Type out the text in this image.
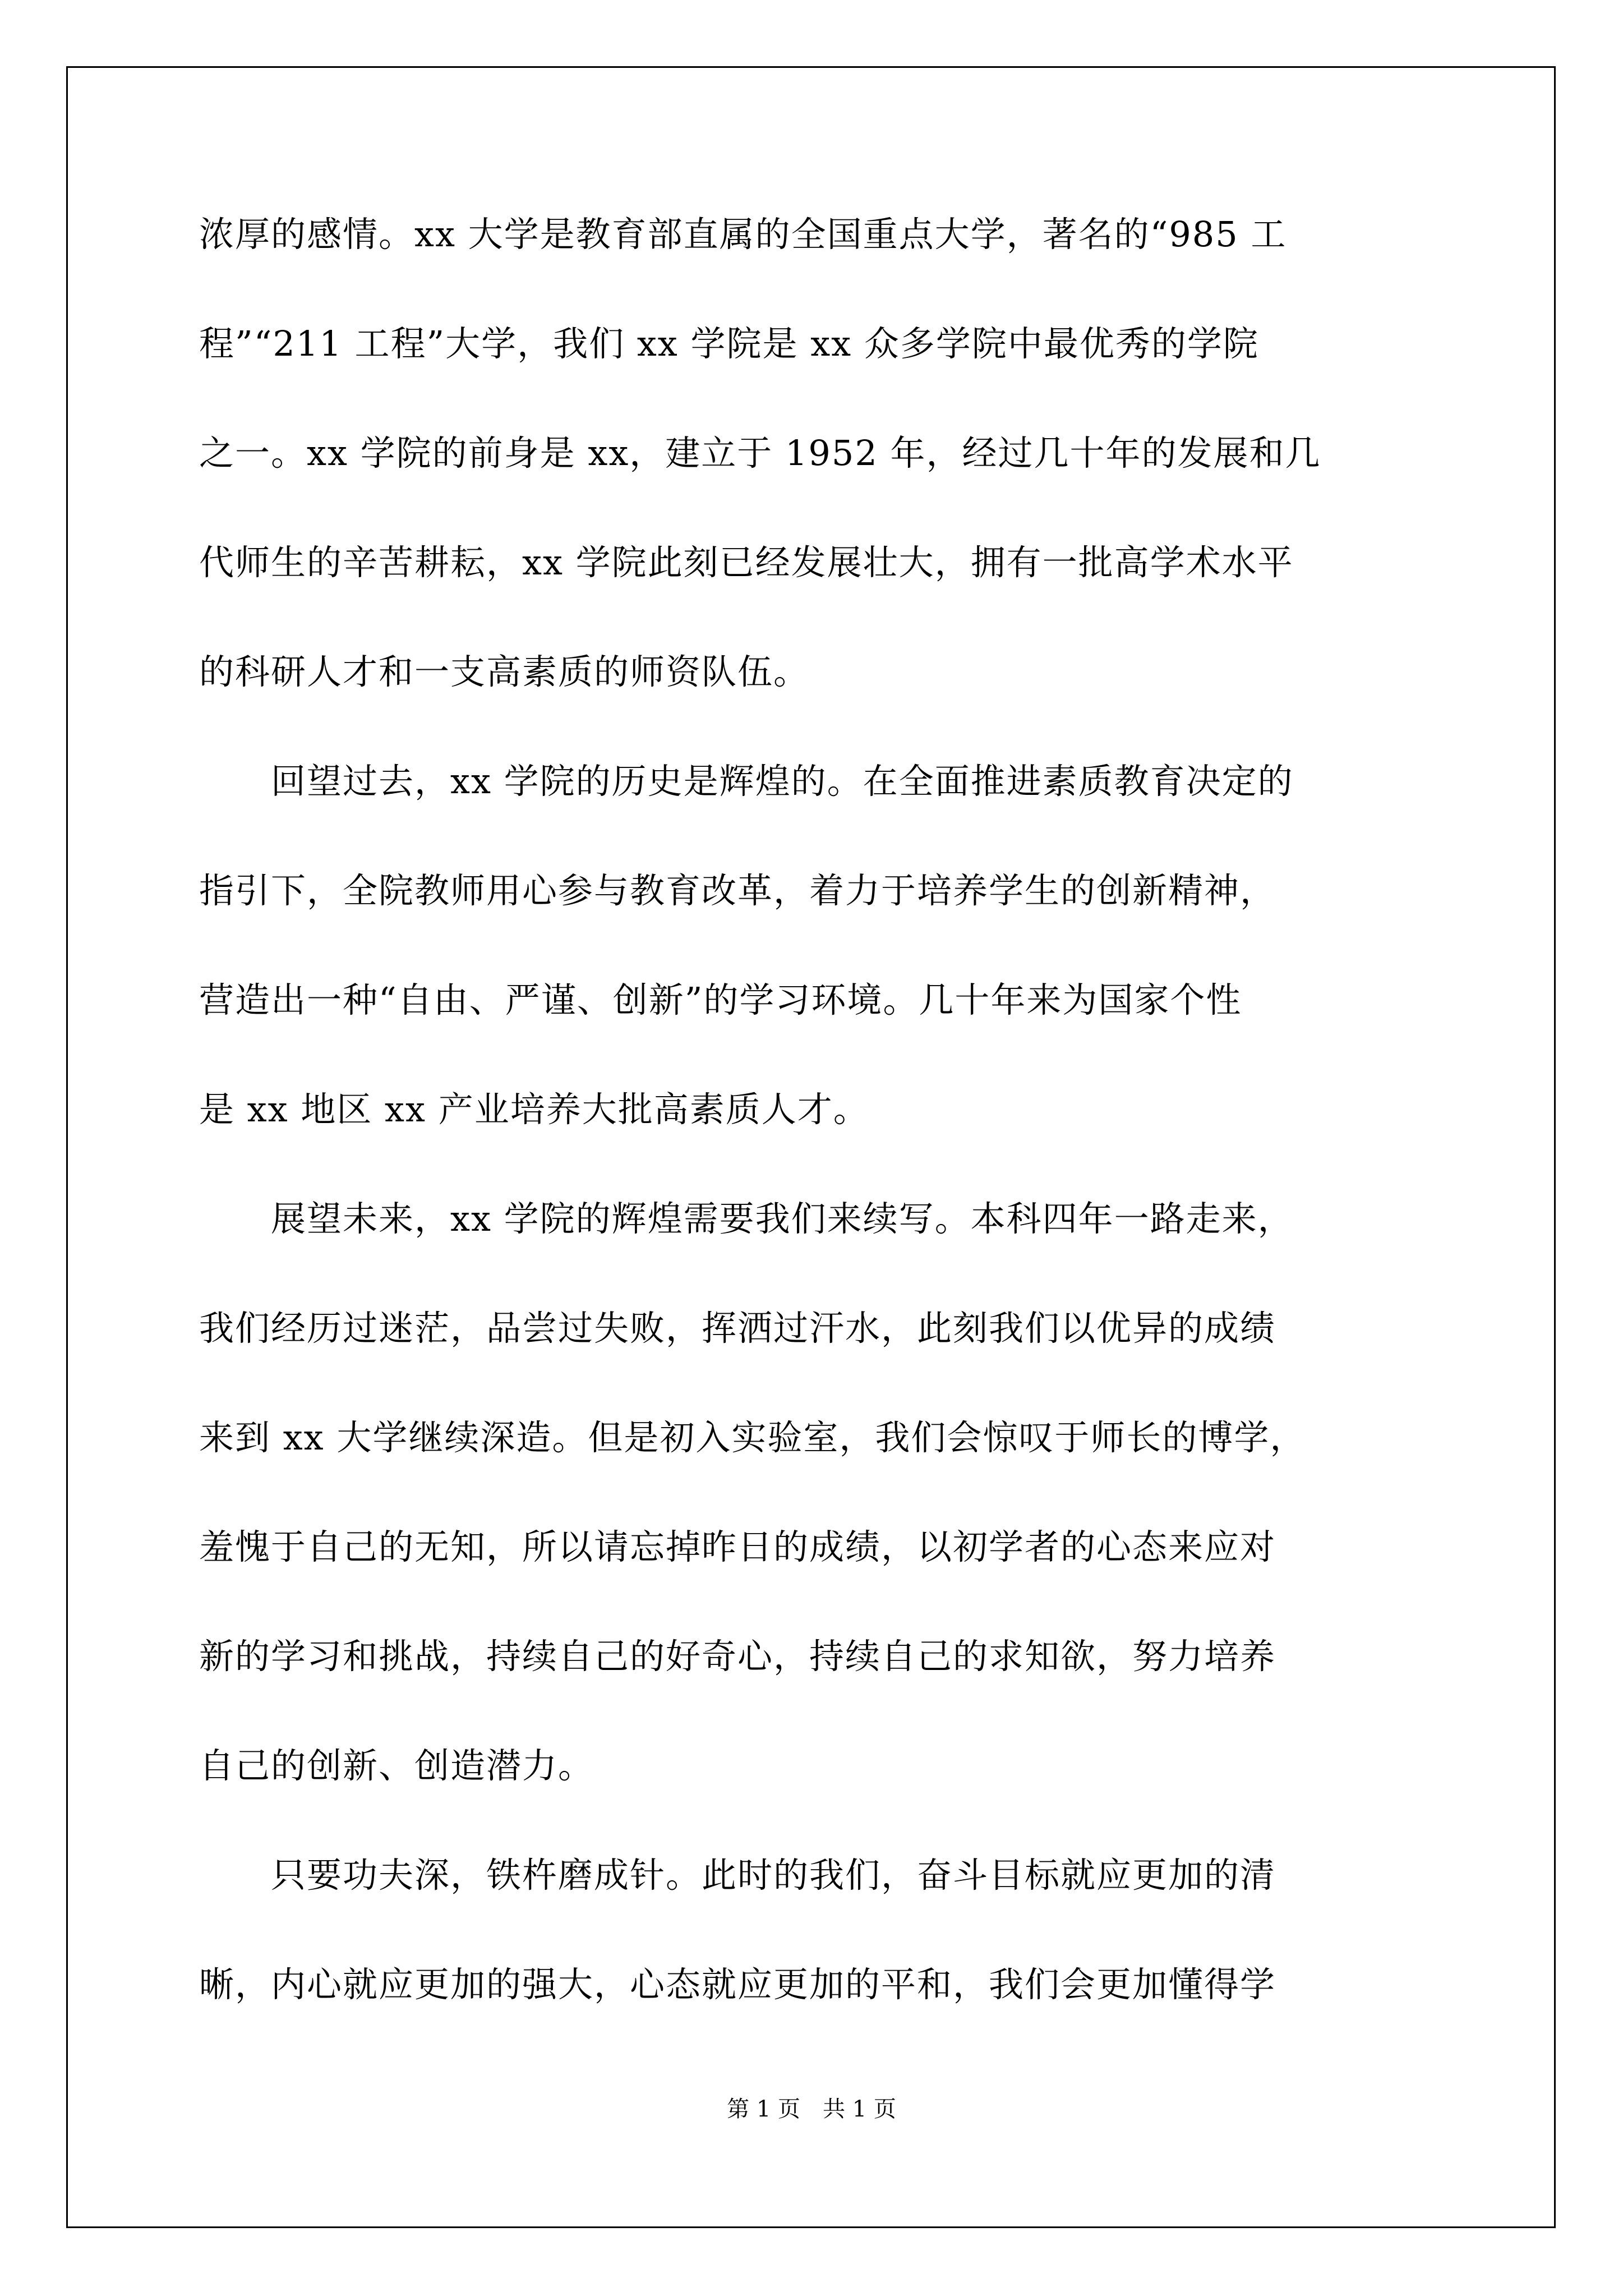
浓厚的感情。xx 大学是教育部直属的全国重点大学，著名的“985 工
程”“211 工程”大学，我们 xx 学院是 xx 众多学院中最优秀的学院
之一。xx 学院的前身是 xx，建立于 1952 年，经过几十年的发展和几
代师生的辛苦耕耘，xx 学院此刻已经发展壮大，拥有一批高学术水平
的科研人才和一支高素质的师资队伍。
　　回望过去，xx 学院的历史是辉煌的。在全面推进素质教育决定的
指引下，全院教师用心参与教育改革，着力于培养学生的创新精神，
营造出一种“自由、严谨、创新”的学习环境。几十年来为国家个性
是 xx 地区 xx 产业培养大批高素质人才。
　　展望未来，xx 学院的辉煌需要我们来续写。本科四年一路走来，
我们经历过迷茫，品尝过失败，挥洒过汗水，此刻我们以优异的成绩
来到 xx 大学继续深造。但是初入实验室，我们会惊叹于师长的博学，
羞愧于自己的无知，所以请忘掉昨日的成绩，以初学者的心态来应对
新的学习和挑战，持续自己的好奇心，持续自己的求知欲，努力培养
自己的创新、创造潜力。
　　只要功夫深，铁杵磨成针。此时的我们，奋斗目标就应更加的清
晰，内心就应更加的强大，心态就应更加的平和，我们会更加懂得学
第 1 页　共 1 页
